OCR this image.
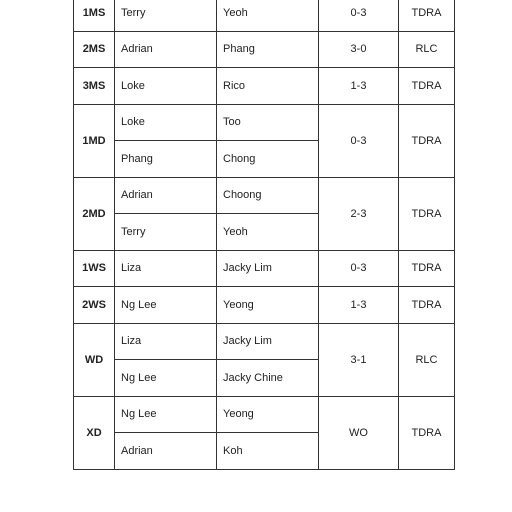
1MS	Terry	Yeoh	0-3	TDRA
2MS	Adrian	Phang	3-0	RLC
3MS	Loke	Rico	1-3	TDRA
1MD	Loke	Too	0-3	TDRA
	Phang	Chong		
2MD	Adrian	Choong	2-3	TDRA
	Terry	Yeoh		
1WS	Liza	Jacky Lim	0-3	TDRA
2WS	Ng Lee	Yeong	1-3	TDRA
WD	Liza	Jacky Lim	3-1	RLC
	Ng Lee	Jacky Chine		
XD	Ng Lee	Yeong	WO	TDRA
	Adrian	Koh		
